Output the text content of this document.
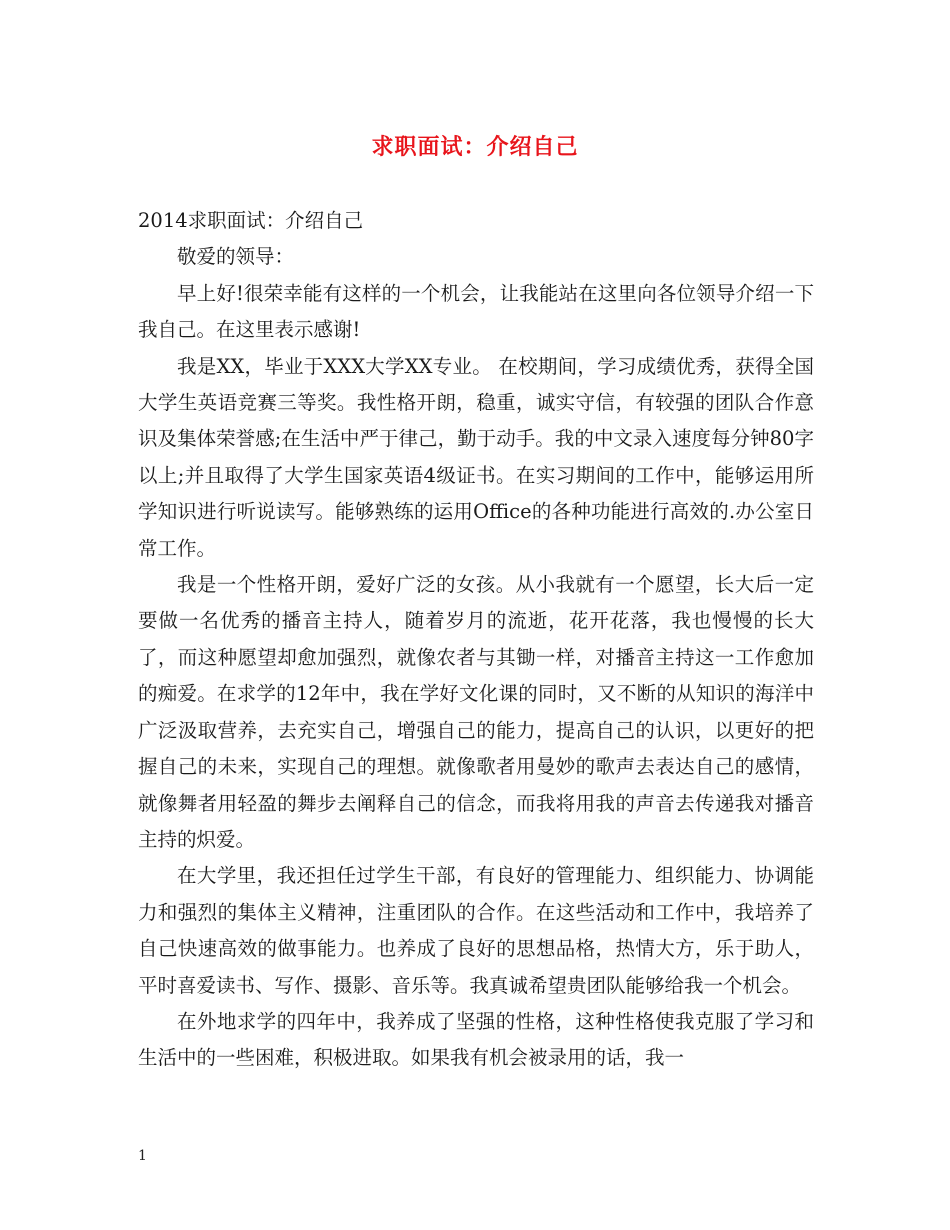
求职面试：介绍自己

2014求职面试：介绍自己

敬爱的领导：

早上好!很荣幸能有这样的一个机会，让我能站在这里向各位领导介绍一下我自己。在这里表示感谢!

我是XX，毕业于XXX大学XX专业。 在校期间，学习成绩优秀，获得全国大学生英语竞赛三等奖。我性格开朗，稳重，诚实守信，有较强的团队合作意识及集体荣誉感;在生活中严于律己，勤于动手。我的中文录入速度每分钟80字以上;并且取得了大学生国家英语4级证书。在实习期间的工作中，能够运用所学知识进行听说读写。能够熟练的运用Office的各种功能进行高效的.办公室日常工作。

我是一个性格开朗，爱好广泛的女孩。从小我就有一个愿望，长大后一定要做一名优秀的播音主持人，随着岁月的流逝，花开花落，我也慢慢的长大了，而这种愿望却愈加强烈，就像农者与其锄一样，对播音主持这一工作愈加的痴爱。在求学的12年中，我在学好文化课的同时，又不断的从知识的海洋中广泛汲取营养，去充实自己，增强自己的能力，提高自己的认识，以更好的把握自己的未来，实现自己的理想。就像歌者用曼妙的歌声去表达自己的感情，就像舞者用轻盈的舞步去阐释自己的信念，而我将用我的声音去传递我对播音主持的炽爱。

在大学里，我还担任过学生干部，有良好的管理能力、组织能力、协调能力和强烈的集体主义精神，注重团队的合作。在这些活动和工作中，我培养了自己快速高效的做事能力。也养成了良好的思想品格，热情大方，乐于助人，平时喜爱读书、写作、摄影、音乐等。我真诚希望贵团队能够给我一个机会。

在外地求学的四年中，我养成了坚强的性格，这种性格使我克服了学习和生活中的一些困难，积极进取。如果我有机会被录用的话，我一

1
